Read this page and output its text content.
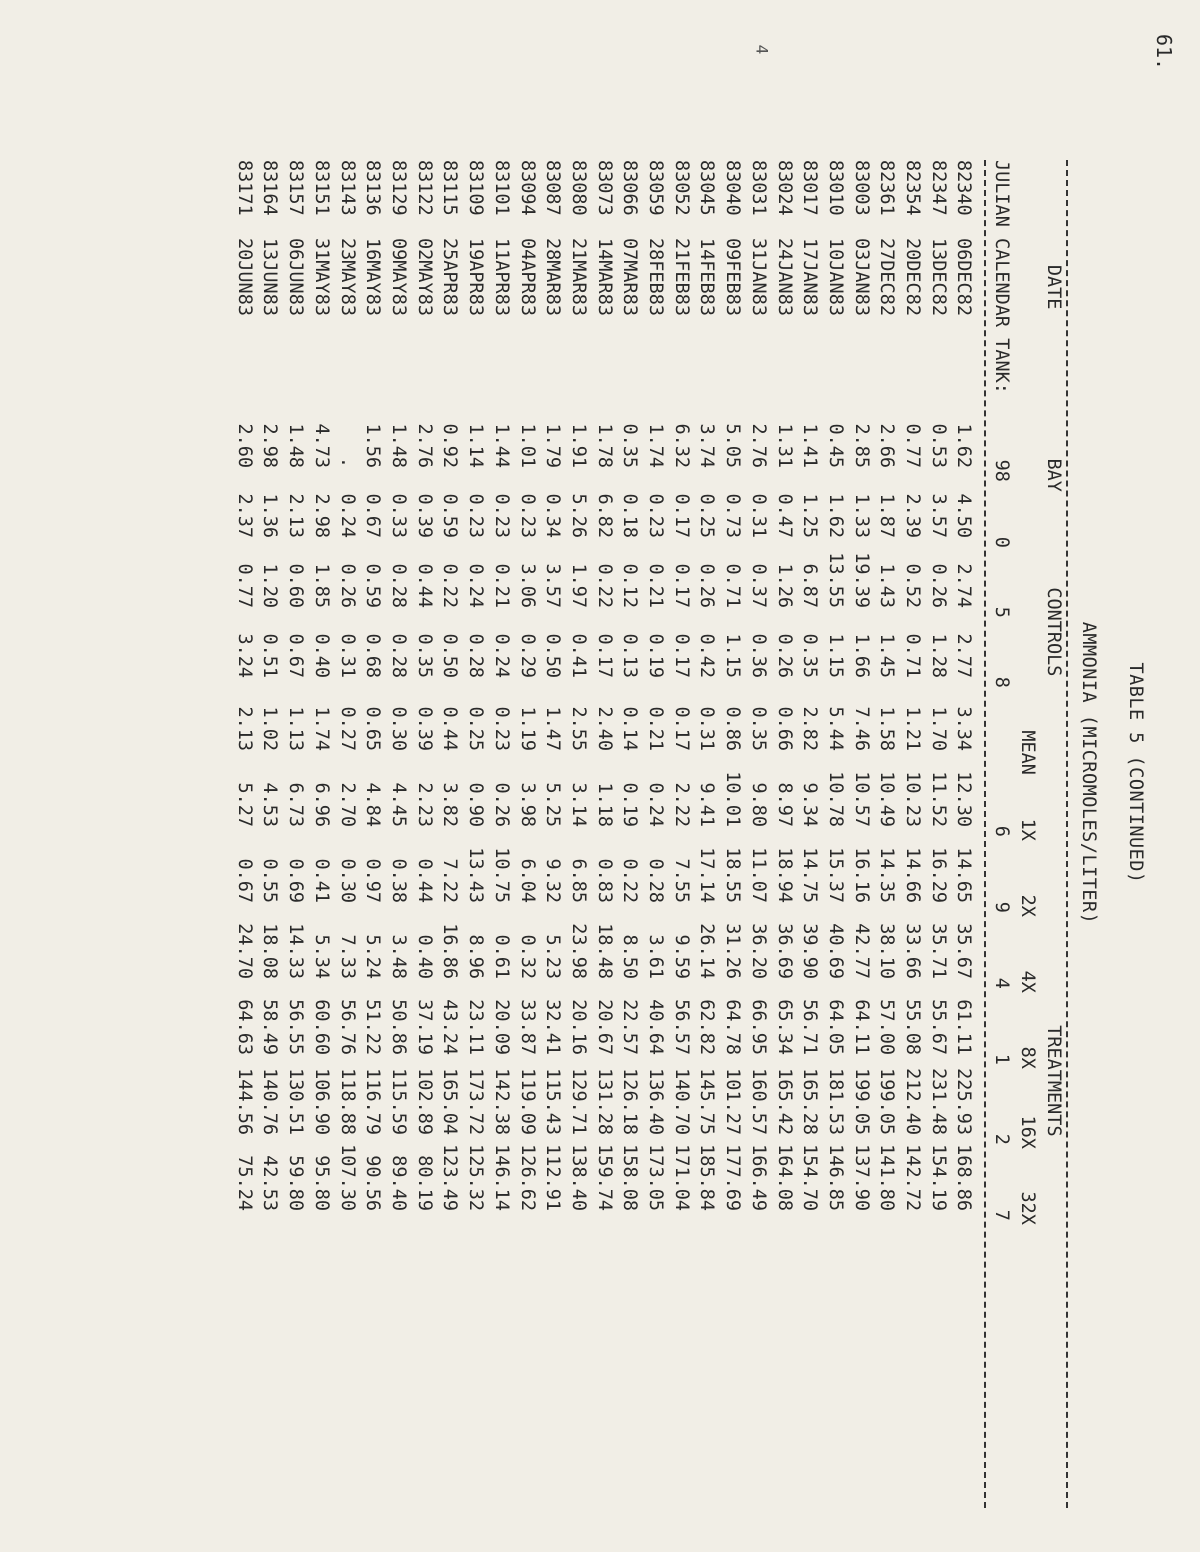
61.
4
TABLE 5 (CONTINUED)
AMMONIA (MICROMOLES/LITER)
	DATE	BAY		CONTROLS						TREATMENTS		
						MEAN	1X	2X	4X	8X	16X	32X
JULIAN CALENDAR TANK:		98	0	5	8		6	9	4	1	2	7
82340	06DEC82	1.62	4.50	2.74	2.77	3.34	12.30	14.65	35.67	61.11	225.93	168.86
82347	13DEC82	0.53	3.57	0.26	1.28	1.70	11.52	16.29	35.71	55.67	231.48	154.19
82354	20DEC82	0.77	2.39	0.52	0.71	1.21	10.23	14.66	33.66	55.08	212.40	142.72
82361	27DEC82	2.66	1.87	1.43	1.45	1.58	10.49	14.35	38.10	57.00	199.05	141.80
83003	03JAN83	2.85	1.33	19.39	1.66	7.46	10.57	16.16	42.77	64.11	199.05	137.90
83010	10JAN83	0.45	1.62	13.55	1.15	5.44	10.78	15.37	40.69	64.05	181.53	146.85
83017	17JAN83	1.41	1.25	6.87	0.35	2.82	9.34	14.75	39.90	56.71	165.28	154.70
83024	24JAN83	1.31	0.47	1.26	0.26	0.66	8.97	18.94	36.69	65.34	165.42	164.08
83031	31JAN83	2.76	0.31	0.37	0.36	0.35	9.80	11.07	36.20	66.95	160.57	166.49
83040	09FEB83	5.05	0.73	0.71	1.15	0.86	10.01	18.55	31.26	64.78	101.27	177.69
83045	14FEB83	3.74	0.25	0.26	0.42	0.31	9.41	17.14	26.14	62.82	145.75	185.84
83052	21FEB83	6.32	0.17	0.17	0.17	0.17	2.22	7.55	9.59	56.57	140.70	171.04
83059	28FEB83	1.74	0.23	0.21	0.19	0.21	0.24	0.28	3.61	40.64	136.40	173.05
83066	07MAR83	0.35	0.18	0.12	0.13	0.14	0.19	0.22	8.50	22.57	126.18	158.08
83073	14MAR83	1.78	6.82	0.22	0.17	2.40	1.18	0.83	18.48	20.67	131.28	159.74
83080	21MAR83	1.91	5.26	1.97	0.41	2.55	3.14	6.85	23.98	20.16	129.71	138.40
83087	28MAR83	1.79	0.34	3.57	0.50	1.47	5.25	9.32	5.23	32.41	115.43	112.91
83094	04APR83	1.01	0.23	3.06	0.29	1.19	3.98	6.04	0.32	33.87	119.09	126.62
83101	11APR83	1.44	0.23	0.21	0.24	0.23	0.26	10.75	0.61	20.09	142.38	146.14
83109	19APR83	1.14	0.23	0.24	0.28	0.25	0.90	13.43	8.96	23.11	173.72	125.32
83115	25APR83	0.92	0.59	0.22	0.50	0.44	3.82	7.22	16.86	43.24	165.04	123.49
83122	02MAY83	2.76	0.39	0.44	0.35	0.39	2.23	0.44	0.40	37.19	102.89	80.19
83129	09MAY83	1.48	0.33	0.28	0.28	0.30	4.45	0.38	3.48	50.86	115.59	89.40
83136	16MAY83	1.56	0.67	0.59	0.68	0.65	4.84	0.97	5.24	51.22	116.79	90.56
83143	23MAY83	.	0.24	0.26	0.31	0.27	2.70	0.30	7.33	56.76	118.88	107.30
83151	31MAY83	4.73	2.98	1.85	0.40	1.74	6.96	0.41	5.34	60.60	106.90	95.80
83157	06JUN83	1.48	2.13	0.60	0.67	1.13	6.73	0.69	14.33	56.55	130.51	59.80
83164	13JUN83	2.98	1.36	1.20	0.51	1.02	4.53	0.55	18.08	58.49	140.76	42.53
83171	20JUN83	2.60	2.37	0.77	3.24	2.13	5.27	0.67	24.70	64.63	144.56	75.24
